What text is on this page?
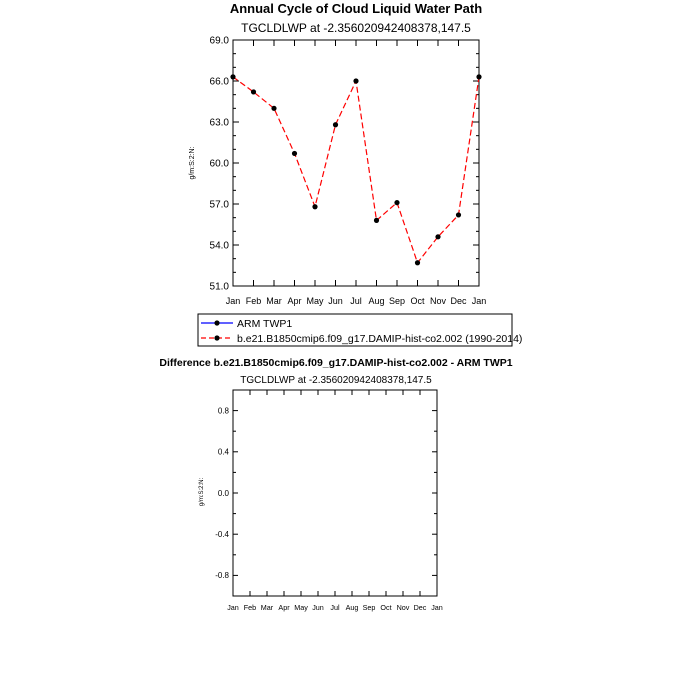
Annual Cycle of Cloud Liquid Water Path
TGCLDLWP at -2.356020942408378,147.5
g/m:S:2:N:
51.0
54.0
57.0
60.0
63.0
66.0
69.0
Jan Feb Mar Apr May Jun Jul Aug Sep Oct Nov Dec Jan
ARM TWP1
b.e21.B1850cmip6.f09_g17.DAMIP-hist-co2.002 (1990-2014)
Difference b.e21.B1850cmip6.f09_g17.DAMIP-hist-co2.002 - ARM TWP1
TGCLDLWP at -2.356020942408378,147.5
g/m:S:2:N:
-0.8
-0.4
0.0
0.4
0.8
Jan Feb Mar Apr May Jun Jul Aug Sep Oct Nov Dec Jan
